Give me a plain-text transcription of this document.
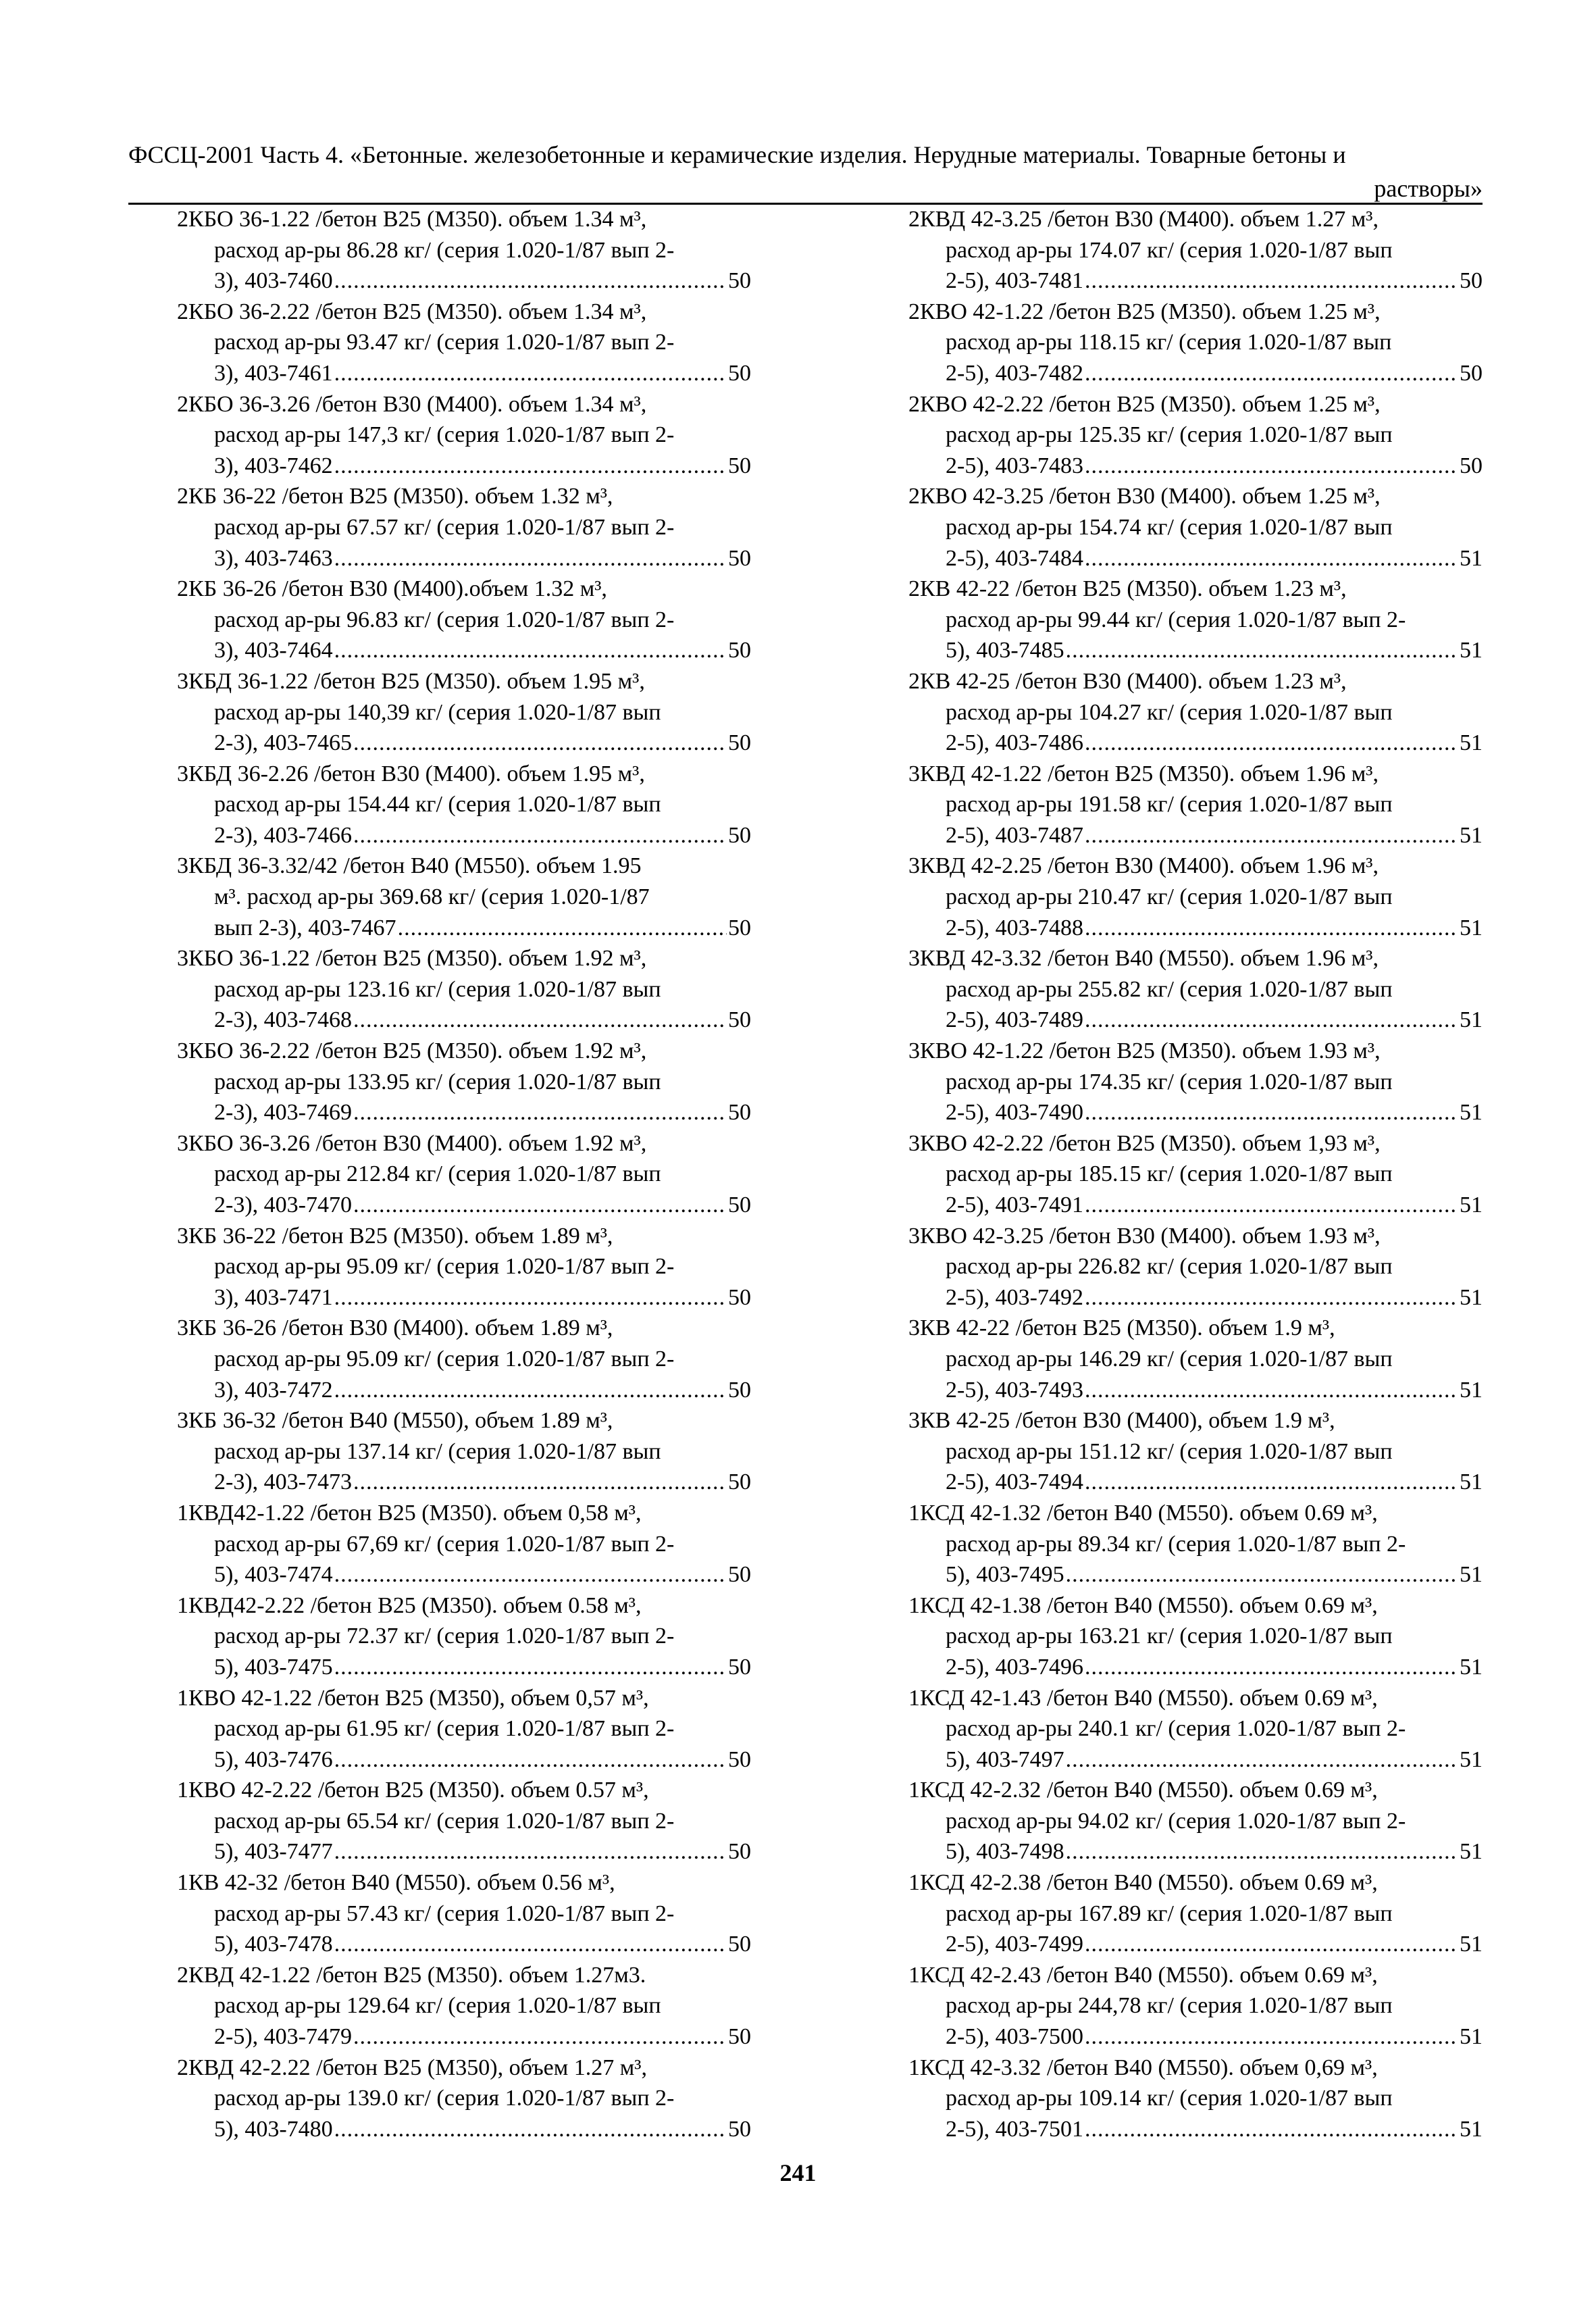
ФССЦ-2001 Часть 4. «Бетонные. железобетонные и керамические изделия. Нерудные материалы. Товарные бетоны и
растворы»
2КБО 36-1.22 /бетон В25 (М350). объем 1.34 м³,
расход ар-ры 86.28 кг/ (серия 1.020-1/87 вып 2-
3), 403-7460 .....	50
2КБО 36-2.22 /бетон В25 (М350). объем 1.34 м³,
расход ар-ры 93.47 кг/ (серия 1.020-1/87 вып 2-
3), 403-7461 .....	50
2КБО 36-3.26 /бетон В30 (М400). объем 1.34 м³,
расход ар-ры 147,3 кг/ (серия 1.020-1/87 вып 2-
3), 403-7462 .....	50
2КБ 36-22 /бетон В25 (М350). объем 1.32 м³,
расход ар-ры 67.57 кг/ (серия 1.020-1/87 вып 2-
3), 403-7463 .....	50
2КБ 36-26 /бетон В30 (М400).объем 1.32 м³,
расход ар-ры 96.83 кг/ (серия 1.020-1/87 вып 2-
3), 403-7464 .....	50
3КБД 36-1.22 /бетон В25 (М350). объем 1.95 м³,
расход ар-ры 140,39 кг/ (серия 1.020-1/87 вып
2-3), 403-7465 .....	50
3КБД 36-2.26 /бетон В30 (М400). объем 1.95 м³,
расход ар-ры 154.44 кг/ (серия 1.020-1/87 вып
2-3), 403-7466 .....	50
3КБД 36-3.32/42 /бетон В40 (М550). объем 1.95
м³. расход ар-ры 369.68 кг/ (серия 1.020-1/87
вып 2-3), 403-7467 .....	50
3КБО 36-1.22 /бетон В25 (М350). объем 1.92 м³,
расход ар-ры 123.16 кг/ (серия 1.020-1/87 вып
2-3), 403-7468 .....	50
3КБО 36-2.22 /бетон В25 (М350). объем 1.92 м³,
расход ар-ры 133.95 кг/ (серия 1.020-1/87 вып
2-3), 403-7469 .....	50
3КБО 36-3.26 /бетон В30 (М400). объем 1.92 м³,
расход ар-ры 212.84 кг/ (серия 1.020-1/87 вып
2-3), 403-7470 .....	50
3КБ 36-22 /бетон В25 (М350). объем 1.89 м³,
расход ар-ры 95.09 кг/ (серия 1.020-1/87 вып 2-
3), 403-7471 .....	50
3КБ 36-26 /бетон В30 (М400). объем 1.89 м³,
расход ар-ры 95.09 кг/ (серия 1.020-1/87 вып 2-
3), 403-7472 .....	50
3КБ 36-32 /бетон В40 (М550), объем 1.89 м³,
расход ар-ры 137.14 кг/ (серия 1.020-1/87 вып
2-3), 403-7473 .....	50
1КВД42-1.22 /бетон В25 (М350). объем 0,58 м³,
расход ар-ры 67,69 кг/ (серия 1.020-1/87 вып 2-
5), 403-7474 .....	50
1КВД42-2.22 /бетон В25 (М350). объем 0.58 м³,
расход ар-ры 72.37 кг/ (серия 1.020-1/87 вып 2-
5), 403-7475 .....	50
1КВО 42-1.22 /бетон В25 (М350), объем 0,57 м³,
расход ар-ры 61.95 кг/ (серия 1.020-1/87 вып 2-
5), 403-7476 .....	50
1КВО 42-2.22 /бетон В25 (М350). объем 0.57 м³,
расход ар-ры 65.54 кг/ (серия 1.020-1/87 вып 2-
5), 403-7477 .....	50
1КВ 42-32 /бетон В40 (М550). объем 0.56 м³,
расход ар-ры 57.43 кг/ (серия 1.020-1/87 вып 2-
5), 403-7478 .....	50
2КВД 42-1.22 /бетон В25 (М350). объем 1.27м3.
расход ар-ры 129.64 кг/ (серия 1.020-1/87 вып
2-5), 403-7479 .....	50
2КВД 42-2.22 /бетон В25 (М350), объем 1.27 м³,
расход ар-ры 139.0 кг/ (серия 1.020-1/87 вып 2-
5), 403-7480 .....	50
2КВД 42-3.25 /бетон В30 (М400). объем 1.27 м³,
расход ар-ры 174.07 кг/ (серия 1.020-1/87 вып
2-5), 403-7481 .....	50
2КВО 42-1.22 /бетон В25 (М350). объем 1.25 м³,
расход ар-ры 118.15 кг/ (серия 1.020-1/87 вып
2-5), 403-7482 .....	50
2КВО 42-2.22 /бетон В25 (М350). объем 1.25 м³,
расход ар-ры 125.35 кг/ (серия 1.020-1/87 вып
2-5), 403-7483 .....	50
2КВО 42-3.25 /бетон В30 (М400). объем 1.25 м³,
расход ар-ры 154.74 кг/ (серия 1.020-1/87 вып
2-5), 403-7484 .....	51
2КВ 42-22 /бетон В25 (М350). объем 1.23 м³,
расход ар-ры 99.44 кг/ (серия 1.020-1/87 вып 2-
5), 403-7485 .....	51
2КВ 42-25 /бетон В30 (М400). объем 1.23 м³,
расход ар-ры 104.27 кг/ (серия 1.020-1/87 вып
2-5), 403-7486 .....	51
3КВД 42-1.22 /бетон В25 (М350). объем 1.96 м³,
расход ар-ры 191.58 кг/ (серия 1.020-1/87 вып
2-5), 403-7487 .....	51
3КВД 42-2.25 /бетон В30 (М400). объем 1.96 м³,
расход ар-ры 210.47 кг/ (серия 1.020-1/87 вып
2-5), 403-7488 .....	51
3КВД 42-3.32 /бетон В40 (М550). объем 1.96 м³,
расход ар-ры 255.82 кг/ (серия 1.020-1/87 вып
2-5), 403-7489 .....	51
3КВО 42-1.22 /бетон В25 (М350). объем 1.93 м³,
расход ар-ры 174.35 кг/ (серия 1.020-1/87 вып
2-5), 403-7490 .....	51
3КВО 42-2.22 /бетон В25 (М350). объем 1,93 м³,
расход ар-ры 185.15 кг/ (серия 1.020-1/87 вып
2-5), 403-7491 .....	51
3КВО 42-3.25 /бетон В30 (М400). объем 1.93 м³,
расход ар-ры 226.82 кг/ (серия 1.020-1/87 вып
2-5), 403-7492 .....	51
3КВ 42-22 /бетон В25 (М350). объем 1.9 м³,
расход ар-ры 146.29 кг/ (серия 1.020-1/87 вып
2-5), 403-7493 .....	51
3КВ 42-25 /бетон В30 (М400), объем 1.9 м³,
расход ар-ры 151.12 кг/ (серия 1.020-1/87 вып
2-5), 403-7494 .....	51
1КСД 42-1.32 /бетон В40 (М550). объем 0.69 м³,
расход ар-ры 89.34 кг/ (серия 1.020-1/87 вып 2-
5), 403-7495 .....	51
1КСД 42-1.38 /бетон В40 (М550). объем 0.69 м³,
расход ар-ры 163.21 кг/ (серия 1.020-1/87 вып
2-5), 403-7496 .....	51
1КСД 42-1.43 /бетон В40 (М550). объем 0.69 м³,
расход ар-ры 240.1 кг/ (серия 1.020-1/87 вып 2-
5), 403-7497 .....	51
1КСД 42-2.32 /бетон В40 (М550). объем 0.69 м³,
расход ар-ры 94.02 кг/ (серия 1.020-1/87 вып 2-
5), 403-7498 .....	51
1КСД 42-2.38 /бетон В40 (М550). объем 0.69 м³,
расход ар-ры 167.89 кг/ (серия 1.020-1/87 вып
2-5), 403-7499 .....	51
1КСД 42-2.43 /бетон В40 (М550). объем 0.69 м³,
расход ар-ры 244,78 кг/ (серия 1.020-1/87 вып
2-5), 403-7500 .....	51
1КСД 42-3.32 /бетон В40 (М550). объем 0,69 м³,
расход ар-ры 109.14 кг/ (серия 1.020-1/87 вып
2-5), 403-7501 .....	51
241
